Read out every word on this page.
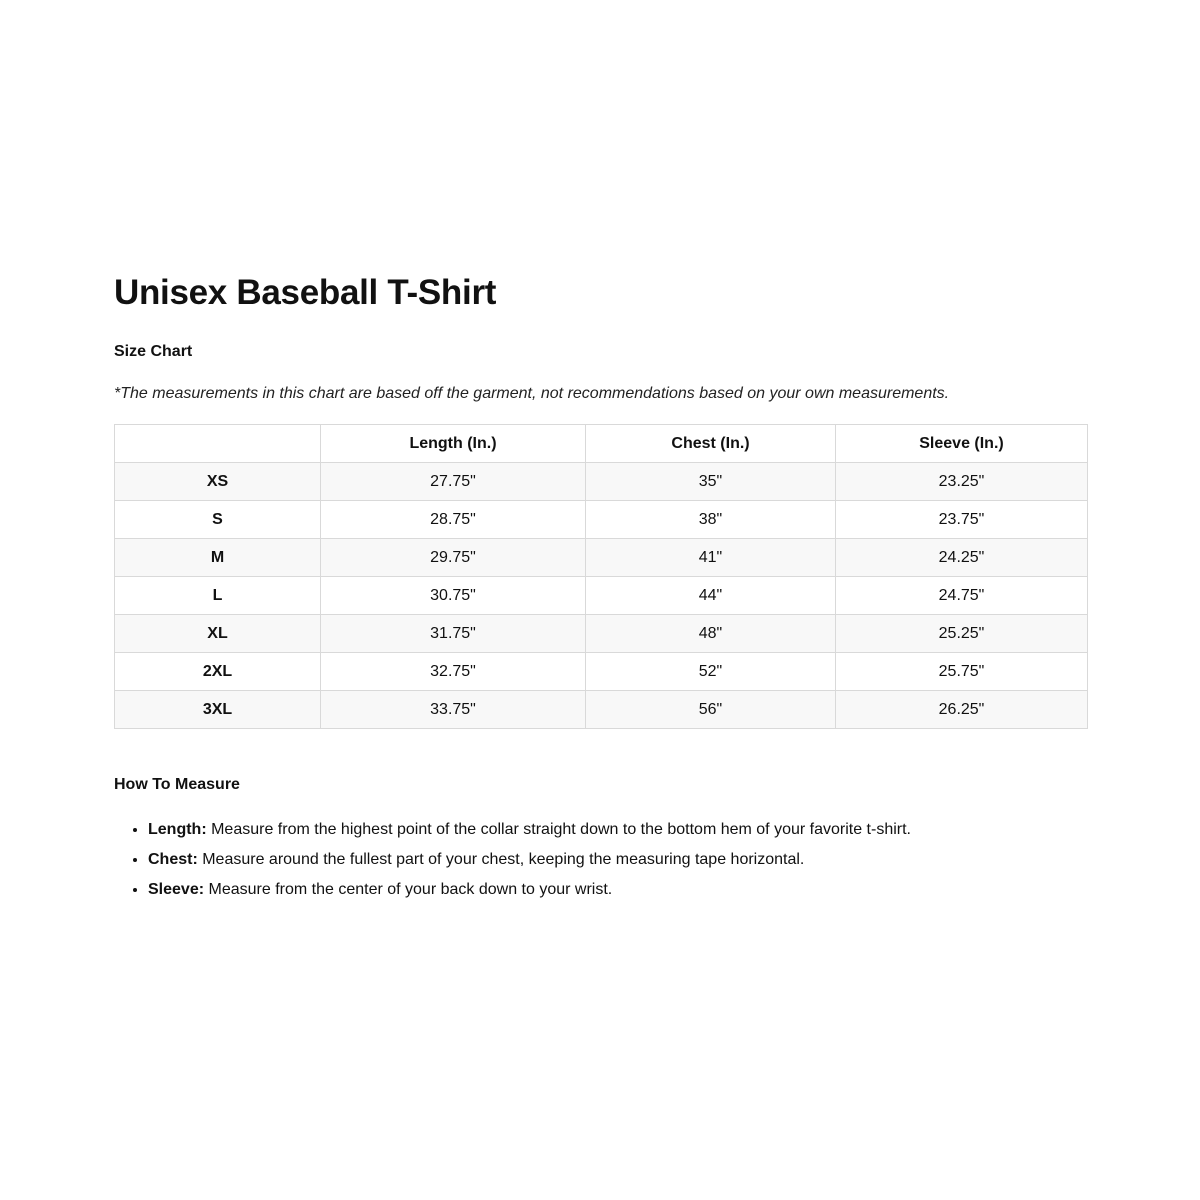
Unisex Baseball T-Shirt
Size Chart
*The measurements in this chart are based off the garment, not recommendations based on your own measurements.
	Length (In.)	Chest (In.)	Sleeve (In.)
XS	27.75"	35"	23.25"
S	28.75"	38"	23.75"
M	29.75"	41"	24.25"
L	30.75"	44"	24.75"
XL	31.75"	48"	25.25"
2XL	32.75"	52"	25.75"
3XL	33.75"	56"	26.25"
How To Measure
• Length: Measure from the highest point of the collar straight down to the bottom hem of your favorite t-shirt.
• Chest: Measure around the fullest part of your chest, keeping the measuring tape horizontal.
• Sleeve: Measure from the center of your back down to your wrist.
